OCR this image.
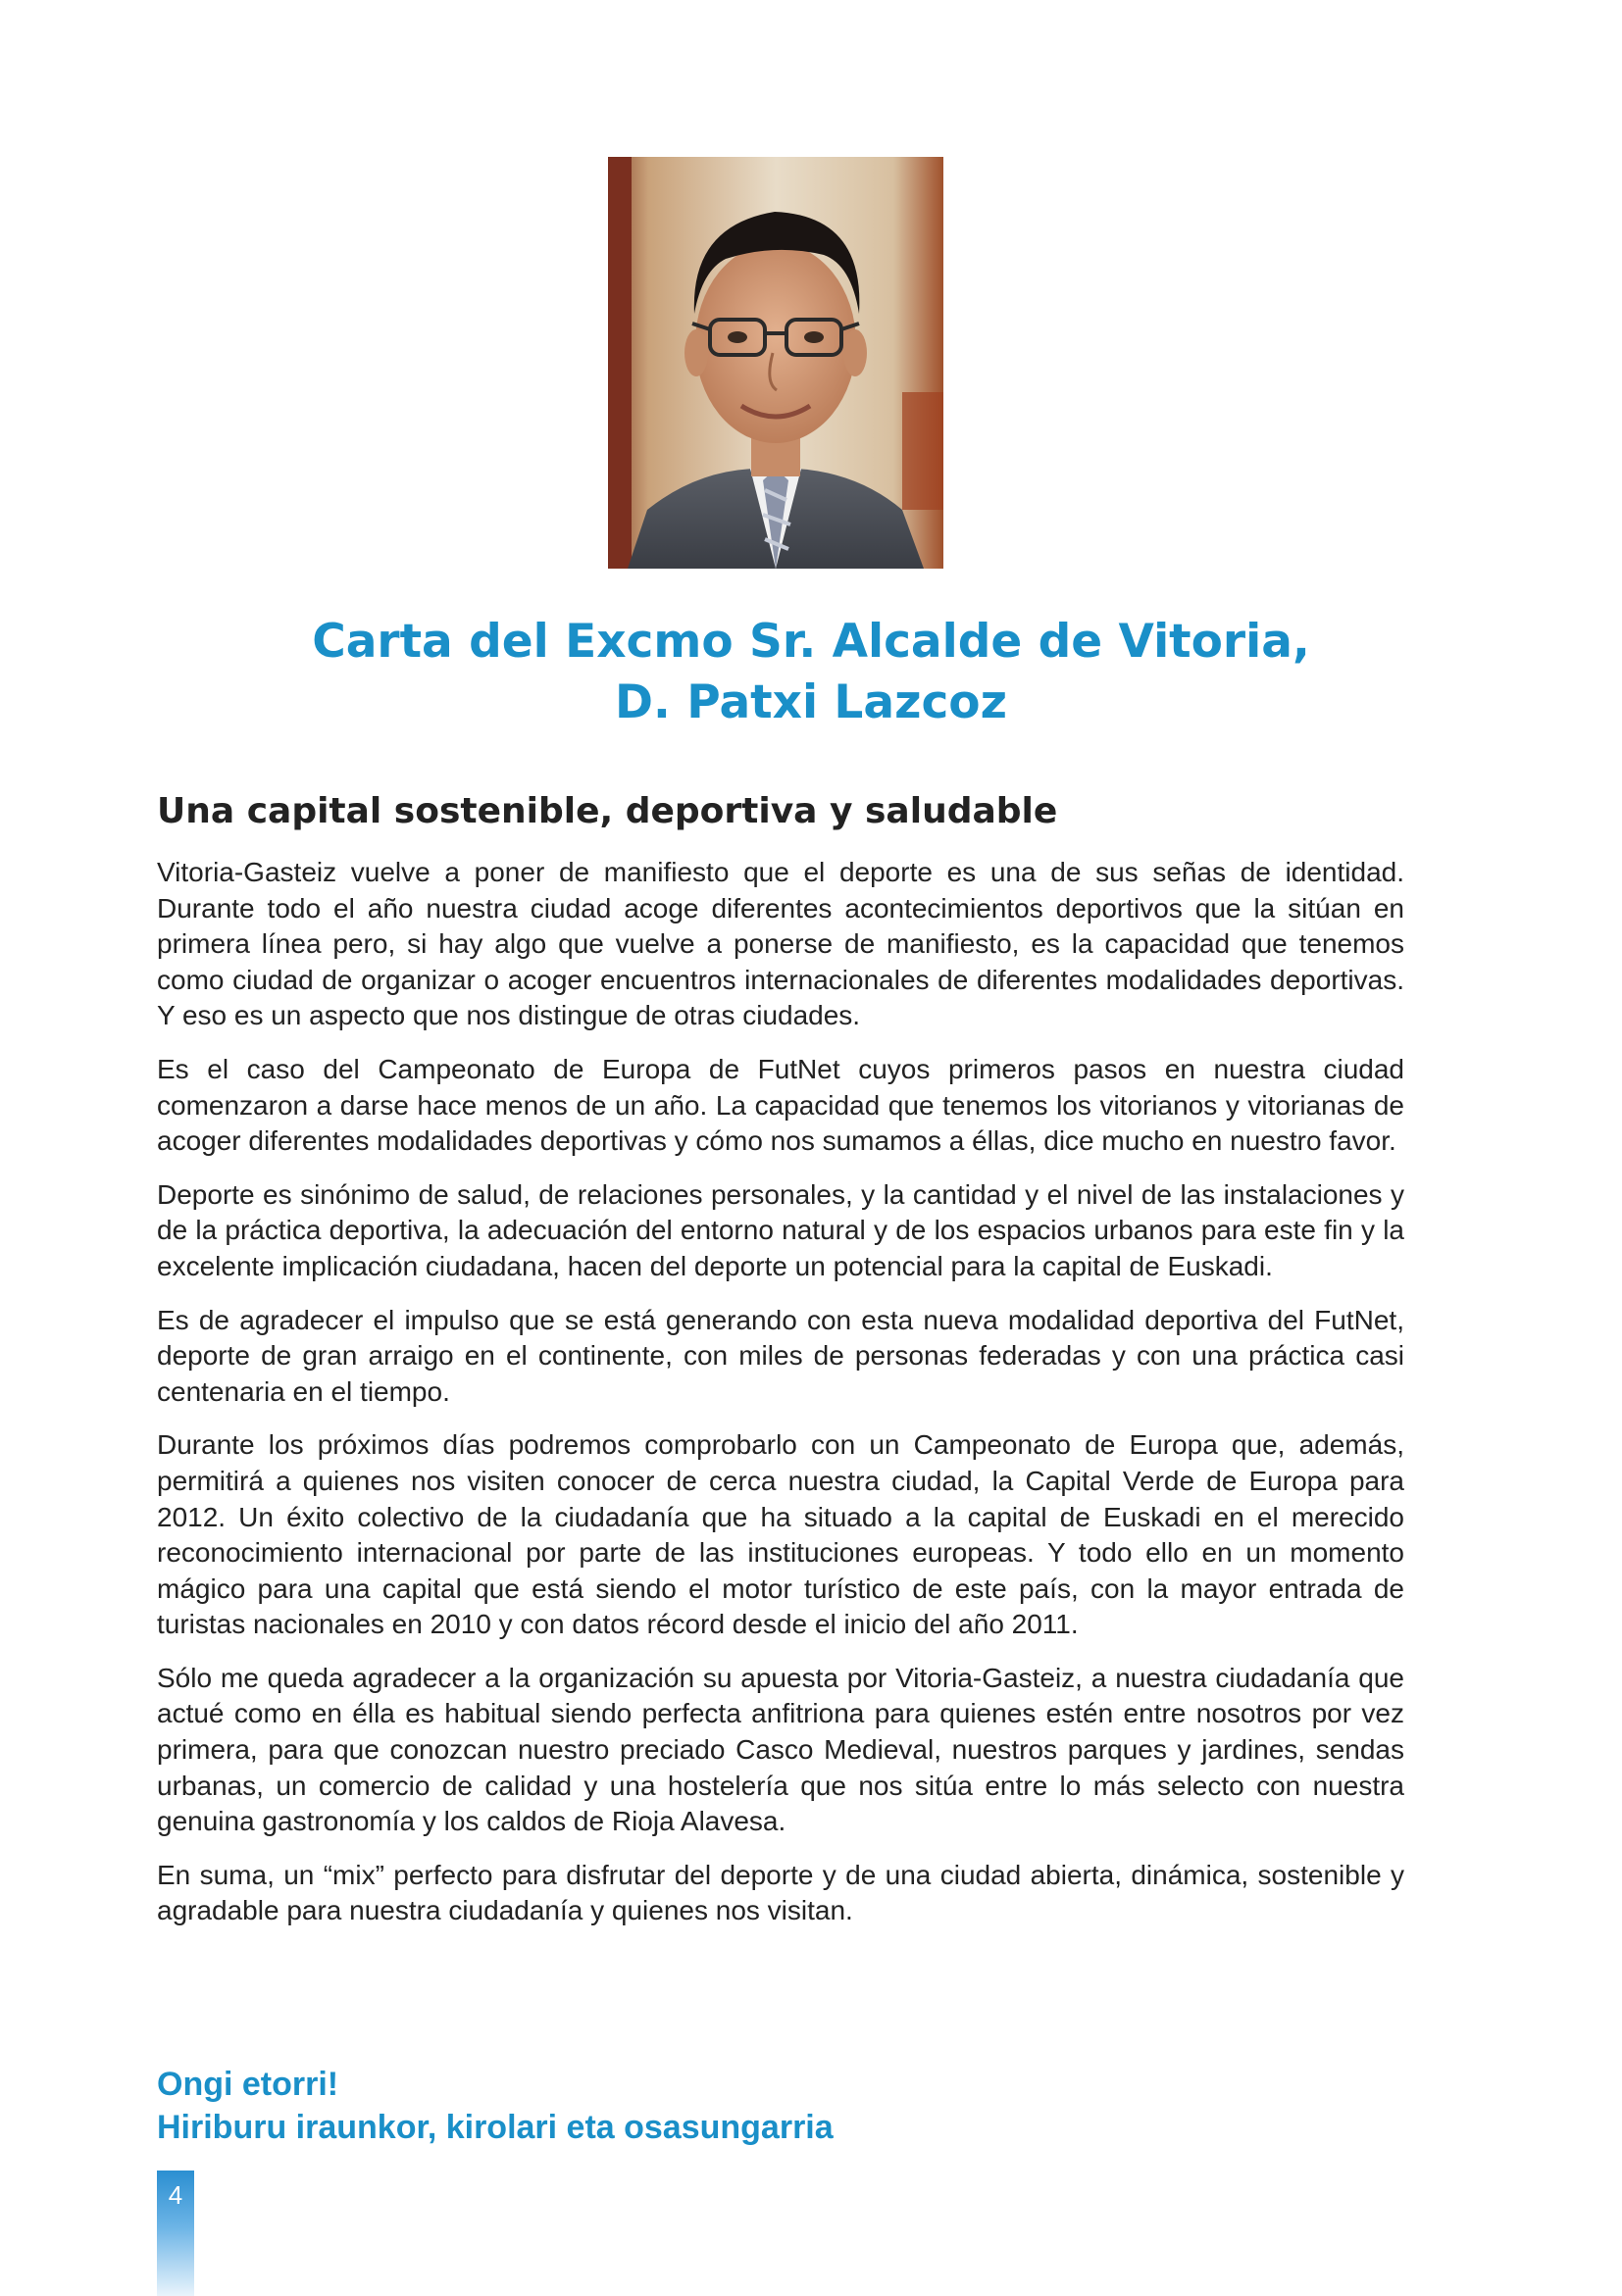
Carta del Excmo Sr. Alcalde de Vitoria,
D. Patxi Lazcoz
Una capital sostenible, deportiva y saludable

Vitoria-Gasteiz vuelve a poner de manifiesto que el deporte es una de sus señas de identidad. Durante todo el año nuestra ciudad acoge diferentes acontecimientos deportivos que la sitúan en primera línea pero, si hay algo que vuelve a ponerse de manifiesto, es la capacidad que tenemos como ciudad de organizar o acoger encuentros internacionales de diferentes modalidades deportivas. Y eso es un aspecto que nos distingue de otras ciudades.

Es el caso del Campeonato de Europa de FutNet cuyos primeros pasos en nuestra ciudad comenzaron a darse hace menos de un año. La capacidad que tenemos los vitorianos y vitorianas de acoger diferentes modalidades deportivas y cómo nos sumamos a éllas, dice mucho en nuestro favor.

Deporte es sinónimo de salud, de relaciones personales, y la cantidad y el nivel de las instalaciones y de la práctica deportiva, la adecuación del entorno natural y de los espacios urbanos para este fin y la excelente implicación ciudadana, hacen del deporte un potencial para la capital de Euskadi.

Es de agradecer el impulso que se está generando con esta nueva modalidad deportiva del FutNet, deporte de gran arraigo en el continente, con miles de personas federadas y con una práctica casi centenaria en el tiempo.

Durante los próximos días podremos comprobarlo con un Campeonato de Europa que, además, permitirá a quienes nos visiten conocer de cerca nuestra ciudad, la Capital Verde de Europa para 2012. Un éxito colectivo de la ciudadanía que ha situado a la capital de Euskadi en el merecido reconocimiento internacional por parte de las instituciones europeas. Y todo ello en un momento mágico para una capital que está siendo el motor turístico de este país, con la mayor entrada de turistas nacionales en 2010 y con datos récord desde el inicio del año 2011.

Sólo me queda agradecer a la organización su apuesta por Vitoria-Gasteiz, a nuestra ciudadanía que actué como en élla es habitual siendo perfecta anfitriona para quienes estén entre nosotros por vez primera, para que conozcan nuestro preciado Casco Medieval, nuestros parques y jardines, sendas urbanas, un comercio de calidad y una hostelería que nos sitúa entre lo más selecto con nuestra genuina gastronomía y los caldos de Rioja Alavesa.

En suma, un “mix” perfecto para disfrutar del deporte y de una ciudad abierta, dinámica, sostenible y agradable para nuestra ciudadanía y quienes nos visitan.

Ongi etorri!
Hiriburu iraunkor, kirolari eta osasungarria
4
